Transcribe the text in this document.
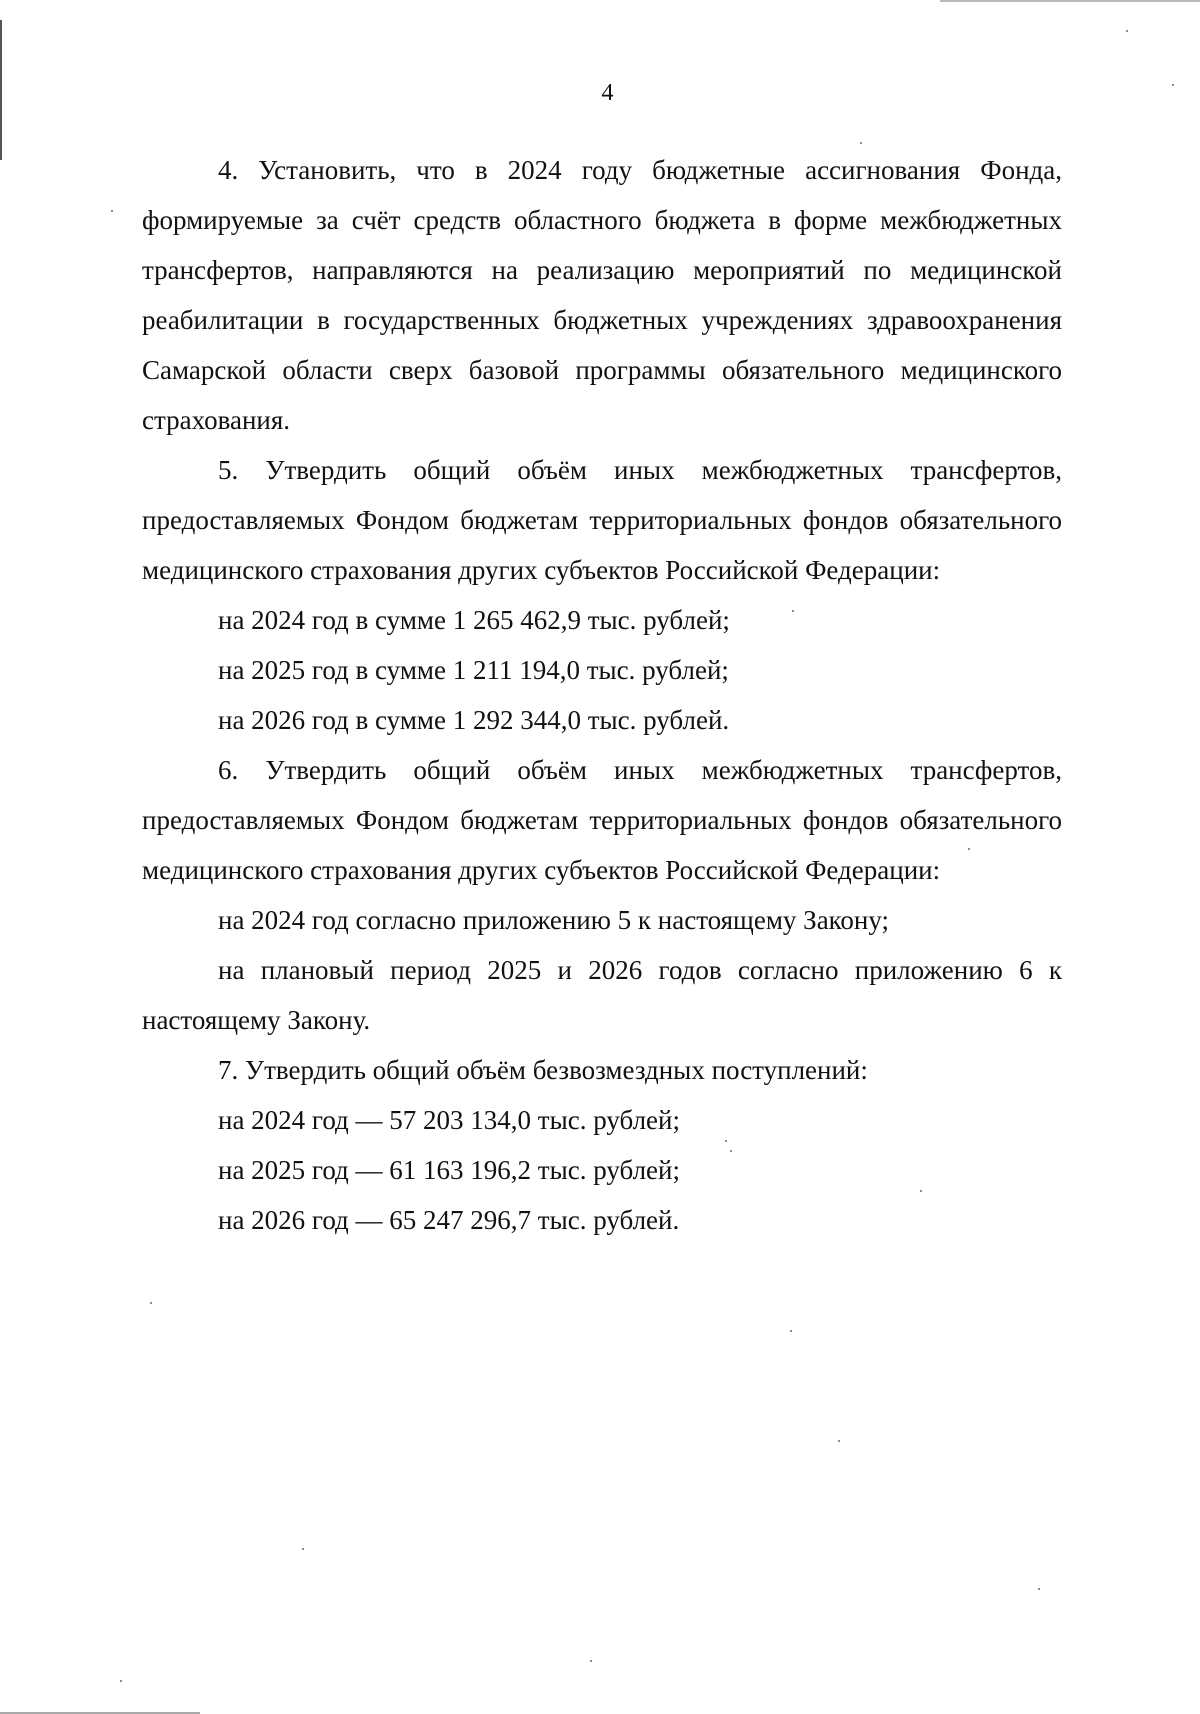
4

4. Установить, что в 2024 году бюджетные ассигнования Фонда, формируемые за счёт средств областного бюджета в форме межбюджетных трансфертов, направляются на реализацию мероприятий по медицинской реабилитации в государственных бюджетных учреждениях здравоохранения Самарской области сверх базовой программы обязательного медицинского страхования.

5. Утвердить общий объём иных межбюджетных трансфертов, предоставляемых Фондом бюджетам территориальных фондов обязательного медицинского страхования других субъектов Российской Федерации:

на 2024 год в сумме 1 265 462,9 тыс. рублей;

на 2025 год в сумме 1 211 194,0 тыс. рублей;

на 2026 год в сумме 1 292 344,0 тыс. рублей.

6. Утвердить общий объём иных межбюджетных трансфертов, предоставляемых Фондом бюджетам территориальных фондов обязательного медицинского страхования других субъектов Российской Федерации:

на 2024 год согласно приложению 5 к настоящему Закону;

на плановый период 2025 и 2026 годов согласно приложению 6 к настоящему Закону.

7. Утвердить общий объём безвозмездных поступлений:

на 2024 год — 57 203 134,0 тыс. рублей;

на 2025 год — 61 163 196,2 тыс. рублей;

на 2026 год — 65 247 296,7 тыс. рублей.
